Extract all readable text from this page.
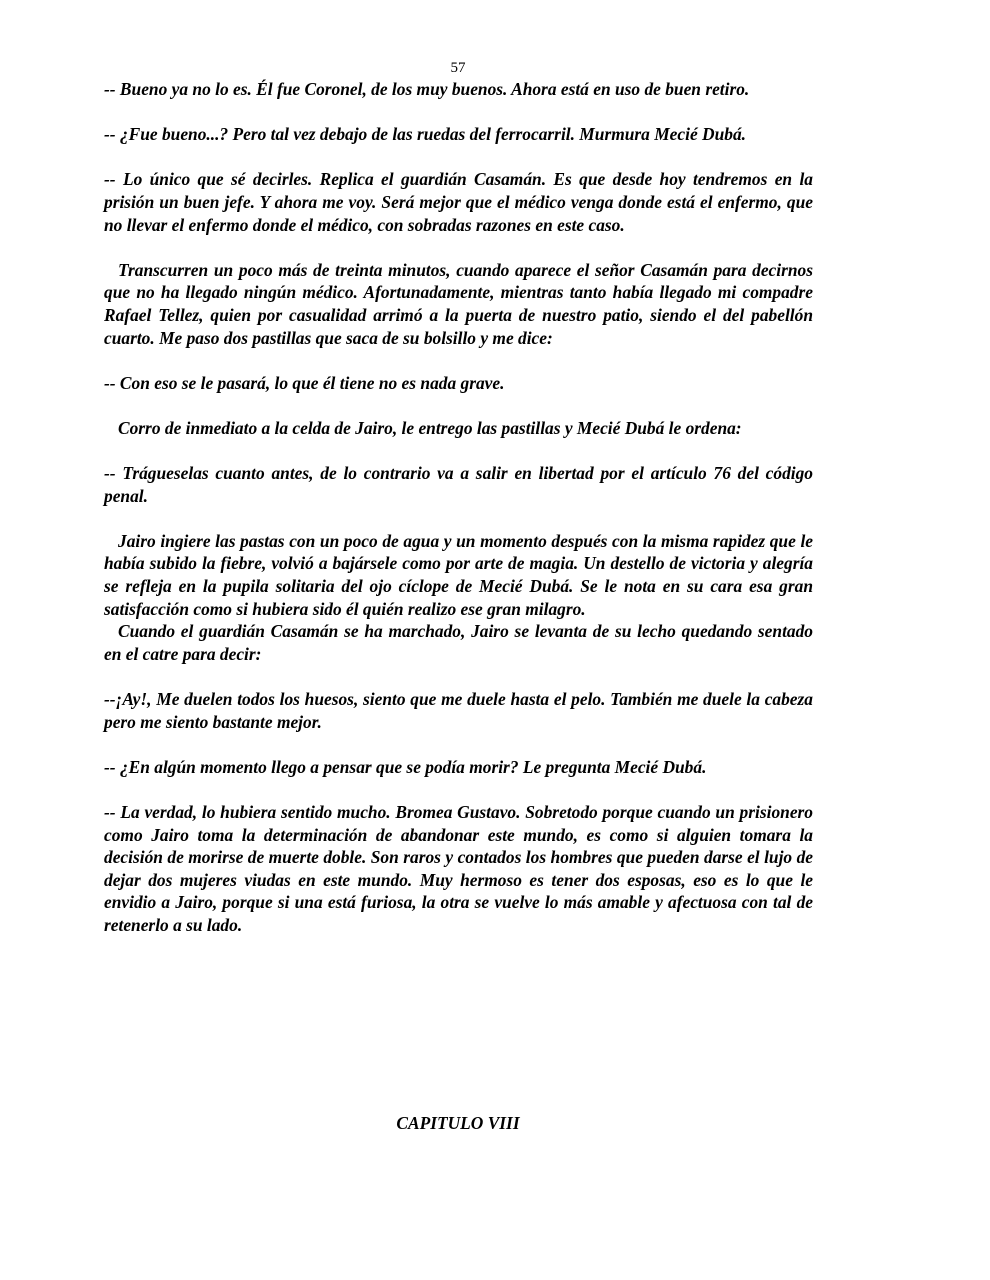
57

-- Bueno ya no lo es. Él fue Coronel, de los muy buenos. Ahora está en uso de buen retiro.

-- ¿Fue bueno...? Pero tal vez debajo de las ruedas del ferrocarril. Murmura Mecié Dubá.

-- Lo único que sé decirles. Replica el guardián Casamán. Es que desde hoy tendremos en la prisión un buen jefe. Y ahora me voy. Será mejor que el médico venga donde está el enfermo, que no llevar el enfermo donde el médico, con sobradas razones en este caso.

Transcurren un poco más de treinta minutos, cuando aparece el señor Casamán para decirnos que no ha llegado ningún médico. Afortunadamente, mientras tanto había llegado mi compadre Rafael Tellez, quien por casualidad arrimó a la puerta de nuestro patio, siendo el del pabellón cuarto. Me paso dos pastillas que saca de su bolsillo y me dice:

-- Con eso se le pasará, lo que él tiene no es nada grave.

Corro de inmediato a la celda de Jairo, le entrego las pastillas y Mecié Dubá le ordena:

-- Trágueselas cuanto antes, de lo contrario va a salir en libertad por el artículo 76 del código penal.

Jairo ingiere las pastas con un poco de agua y un momento después con la misma rapidez que le había subido la fiebre, volvió a bajársele como por arte de magia. Un destello de victoria y alegría se refleja en la pupila solitaria del ojo cíclope de Mecié Dubá. Se le nota en su cara esa gran satisfacción como si hubiera sido él quién realizo ese gran milagro.

Cuando el guardián Casamán se ha marchado, Jairo se levanta de su lecho quedando sentado en el catre para decir:

--¡Ay!, Me duelen todos los huesos, siento que me duele hasta el pelo. También me duele la cabeza pero me siento bastante mejor.

-- ¿En algún momento llego a pensar que se podía morir? Le pregunta Mecié Dubá.

-- La verdad, lo hubiera sentido mucho. Bromea Gustavo. Sobretodo porque cuando un prisionero como Jairo toma la determinación de abandonar este mundo, es como si alguien tomara la decisión de morirse de muerte doble. Son raros y contados los hombres que pueden darse el lujo de dejar dos mujeres viudas en este mundo. Muy hermoso es tener dos esposas, eso es lo que le envidio a Jairo, porque si una está furiosa, la otra se vuelve lo más amable y afectuosa con tal de retenerlo a su lado.

CAPITULO VIII
